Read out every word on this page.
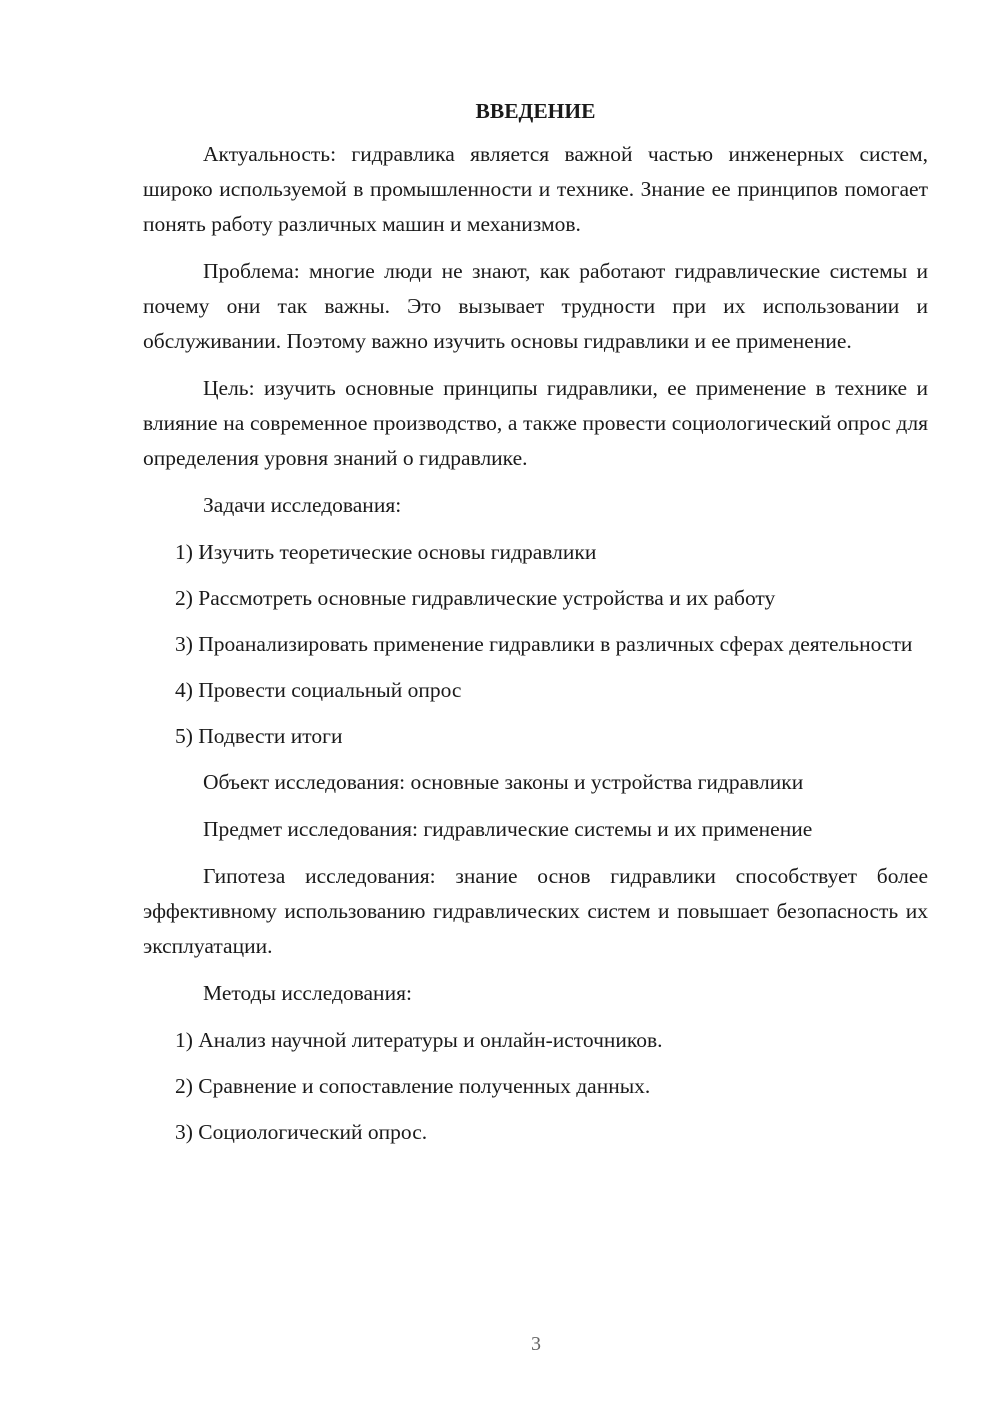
ВВЕДЕНИЕ

Актуальность: гидравлика является важной частью инженерных систем, широко используемой в промышленности и технике. Знание ее принципов помогает понять работу различных машин и механизмов.

Проблема: многие люди не знают, как работают гидравлические системы и почему они так важны. Это вызывает трудности при их использовании и обслуживании. Поэтому важно изучить основы гидравлики и ее применение.

Цель: изучить основные принципы гидравлики, ее применение в технике и влияние на современное производство, а также провести социологический опрос для определения уровня знаний о гидравлике.

Задачи исследования:

1) Изучить теоретические основы гидравлики

2) Рассмотреть основные гидравлические устройства и их работу

3) Проанализировать применение гидравлики в различных сферах деятельности

4) Провести социальный опрос

5) Подвести итоги

Объект исследования: основные законы и устройства гидравлики

Предмет исследования: гидравлические системы и их применение

Гипотеза исследования: знание основ гидравлики способствует более эффективному использованию гидравлических систем и повышает безопасность их эксплуатации.

Методы исследования:

1) Анализ научной литературы и онлайн-источников.

2) Сравнение и сопоставление полученных данных.

3) Социологический опрос.

3
